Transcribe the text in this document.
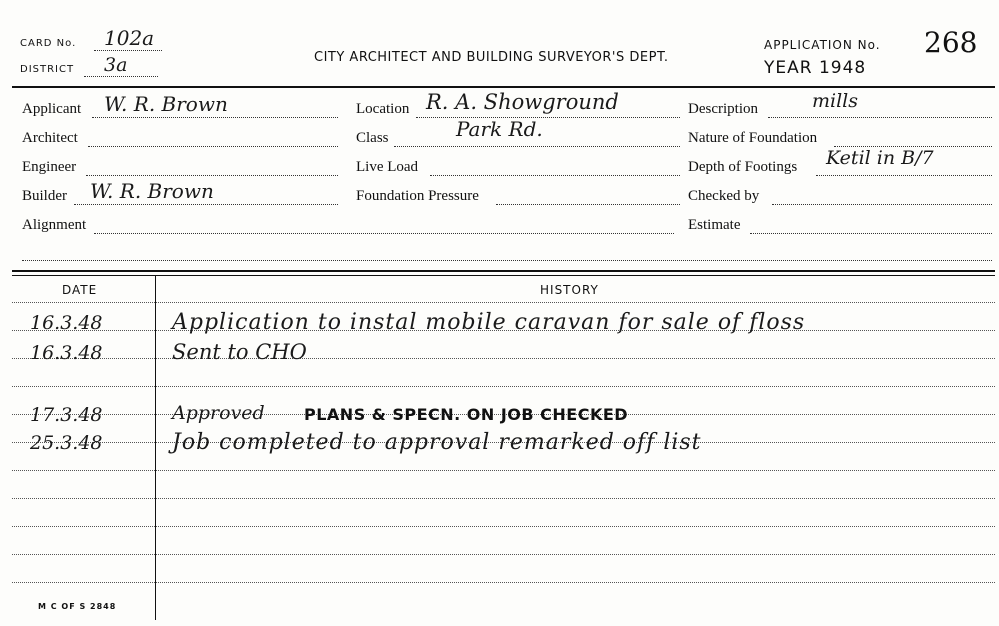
CARD No. 102a
DISTRICT 3a	CITY ARCHITECT AND BUILDING SURVEYOR'S DEPT.
APPLICATION No. 268
YEAR 1948
Applicant W. R. Brown
Architect
Engineer
Builder W. R. Brown
Alignment
Location R. A. Showground
Class	Park Rd.
Live Load
Foundation Pressure
Description	mills
Nature of Foundation
Depth of Footings Ketil in B/7
Checked by
Estimate
DATE	HISTORY
16.3.48	Application to instal mobile caravan for sale of floss
16.3.48	Sent to CHO
17.3.48	Approved PLANS & SPECN. ON JOB CHECKED
25.3.48	Job completed to approval remarked off list
M C OF S 2848
